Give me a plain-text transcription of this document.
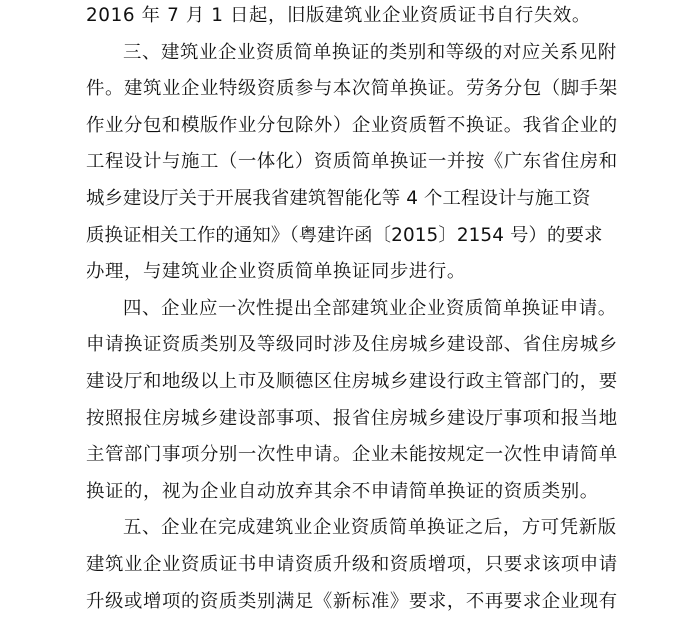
2016 年 7 月 1 日起，旧版建筑业企业资质证书自行失效。
三、建筑业企业资质简单换证的类别和等级的对应关系见附
件。建筑业企业特级资质参与本次简单换证。劳务分包（脚手架
作业分包和模版作业分包除外）企业资质暂不换证。我省企业的
工程设计与施工（一体化）资质简单换证一并按《广东省住房和
城乡建设厅关于开展我省建筑智能化等 4 个工程设计与施工资
质换证相关工作的通知》（粤建许函〔2015〕2154 号）的要求
办理，与建筑业企业资质简单换证同步进行。
四、企业应一次性提出全部建筑业企业资质简单换证申请。
申请换证资质类别及等级同时涉及住房城乡建设部、省住房城乡
建设厅和地级以上市及顺德区住房城乡建设行政主管部门的，要
按照报住房城乡建设部事项、报省住房城乡建设厅事项和报当地
主管部门事项分别一次性申请。企业未能按规定一次性申请简单
换证的，视为企业自动放弃其余不申请简单换证的资质类别。
五、企业在完成建筑业企业资质简单换证之后，方可凭新版
建筑业企业资质证书申请资质升级和资质增项，只要求该项申请
升级或增项的资质类别满足《新标准》要求，不再要求企业现有
